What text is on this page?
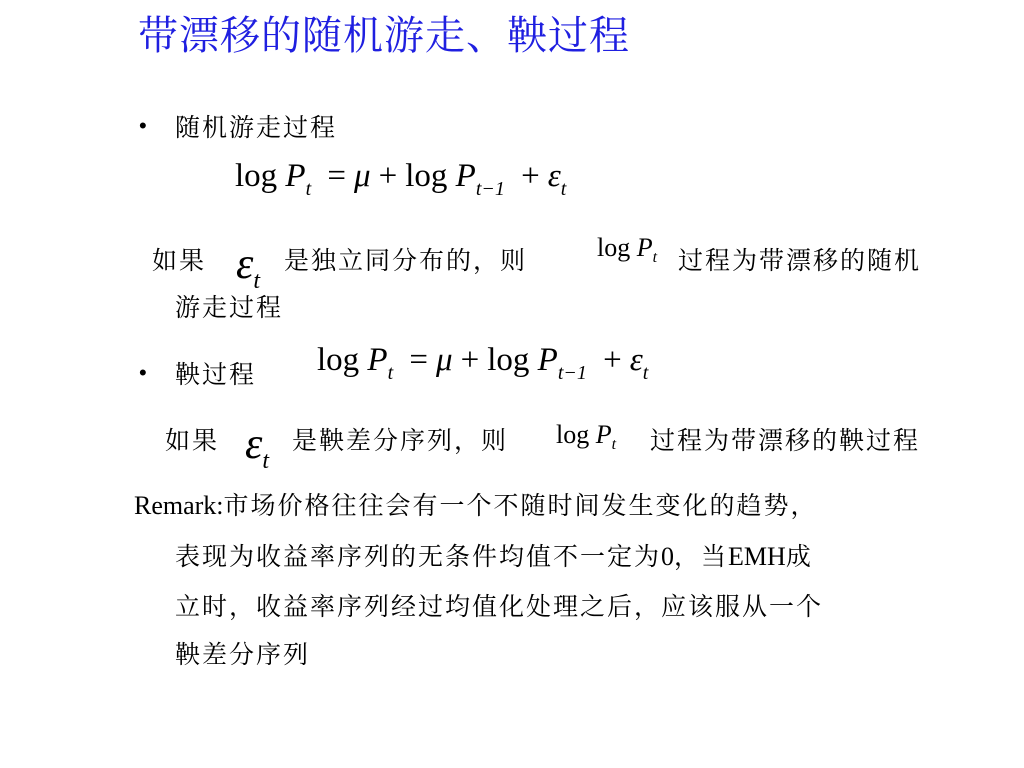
带漂移的随机游走、鞅过程
• 随机游走过程
$\log P_t = \mu + \log P_{t-1} + \varepsilon_t$
如果 εt
是独立同分布的，则	$\log P_t$ 过程为带漂移的随机
游走过程
• 鞅过程 $\log P_t = \mu + \log P_{t-1} + \varepsilon_t$
如果 εt
是鞅差分序列，则 $\log P_t$ 过程为带漂移的鞅过程
Remark:市场价格往往会有一个不随时间发生变化的趋势，
表现为收益率序列的无条件均值不一定为0，当EMH成
立时，收益率序列经过均值化处理之后，应该服从一个
鞅差分序列
